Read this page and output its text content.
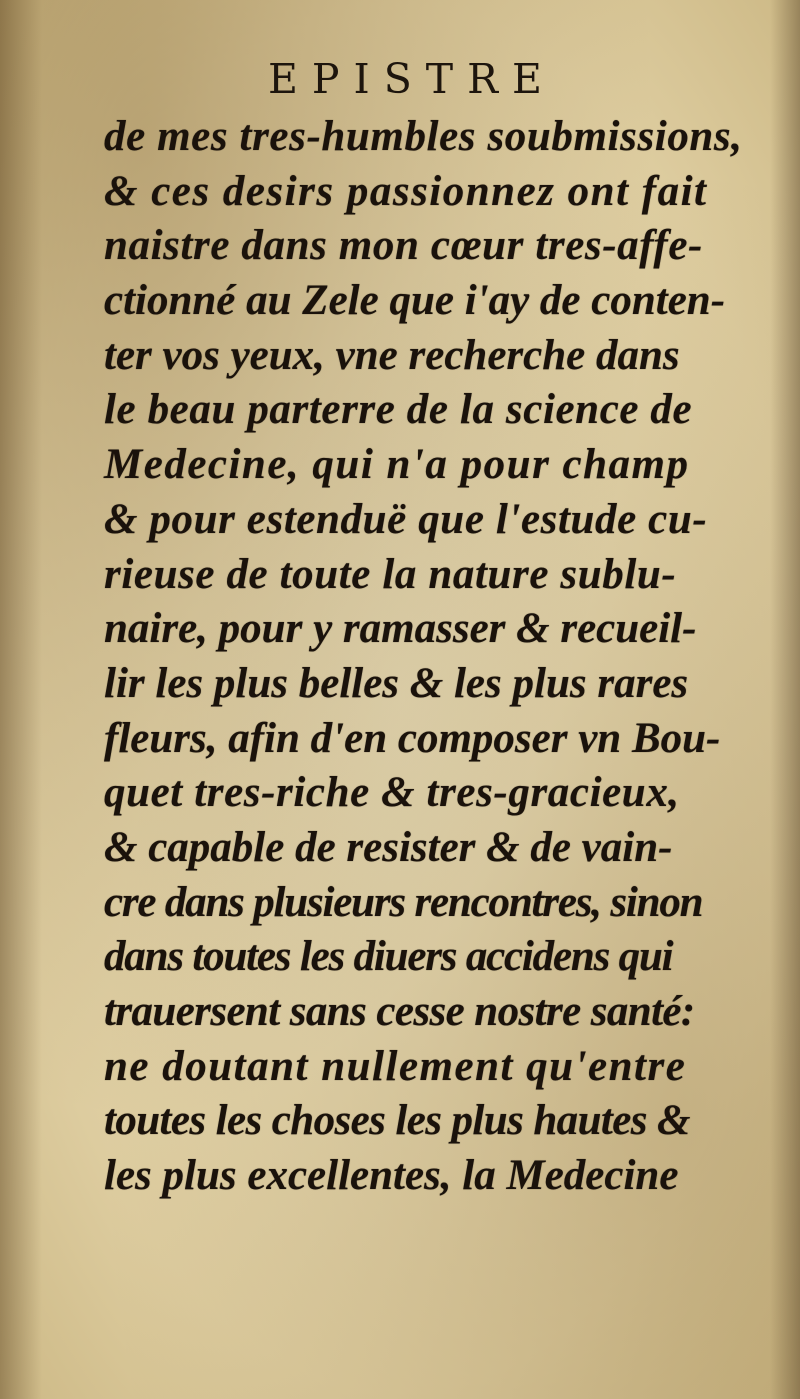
EPISTRE

de mes tres-humbles soubmissions,

& ces desirs passionnez ont fait

naistre dans mon cœur tres-affe-

ctionné au Zele que i'ay de conten-

ter vos yeux, vne recherche dans

le beau parterre de la science de

Medecine, qui n'a pour champ

& pour estenduë que l'estude cu-

rieuse de toute la nature sublu-

naire, pour y ramasser & recueil-

lir les plus belles & les plus rares

fleurs, afin d'en composer vn Bou-

quet tres-riche & tres-gracieux,

& capable de resister & de vain-

cre dans plusieurs rencontres, sinon

dans toutes les diuers accidens qui

trauersent sans cesse nostre santé:

ne doutant nullement qu'entre

toutes les choses les plus hautes &

les plus excellentes, la Medecine
